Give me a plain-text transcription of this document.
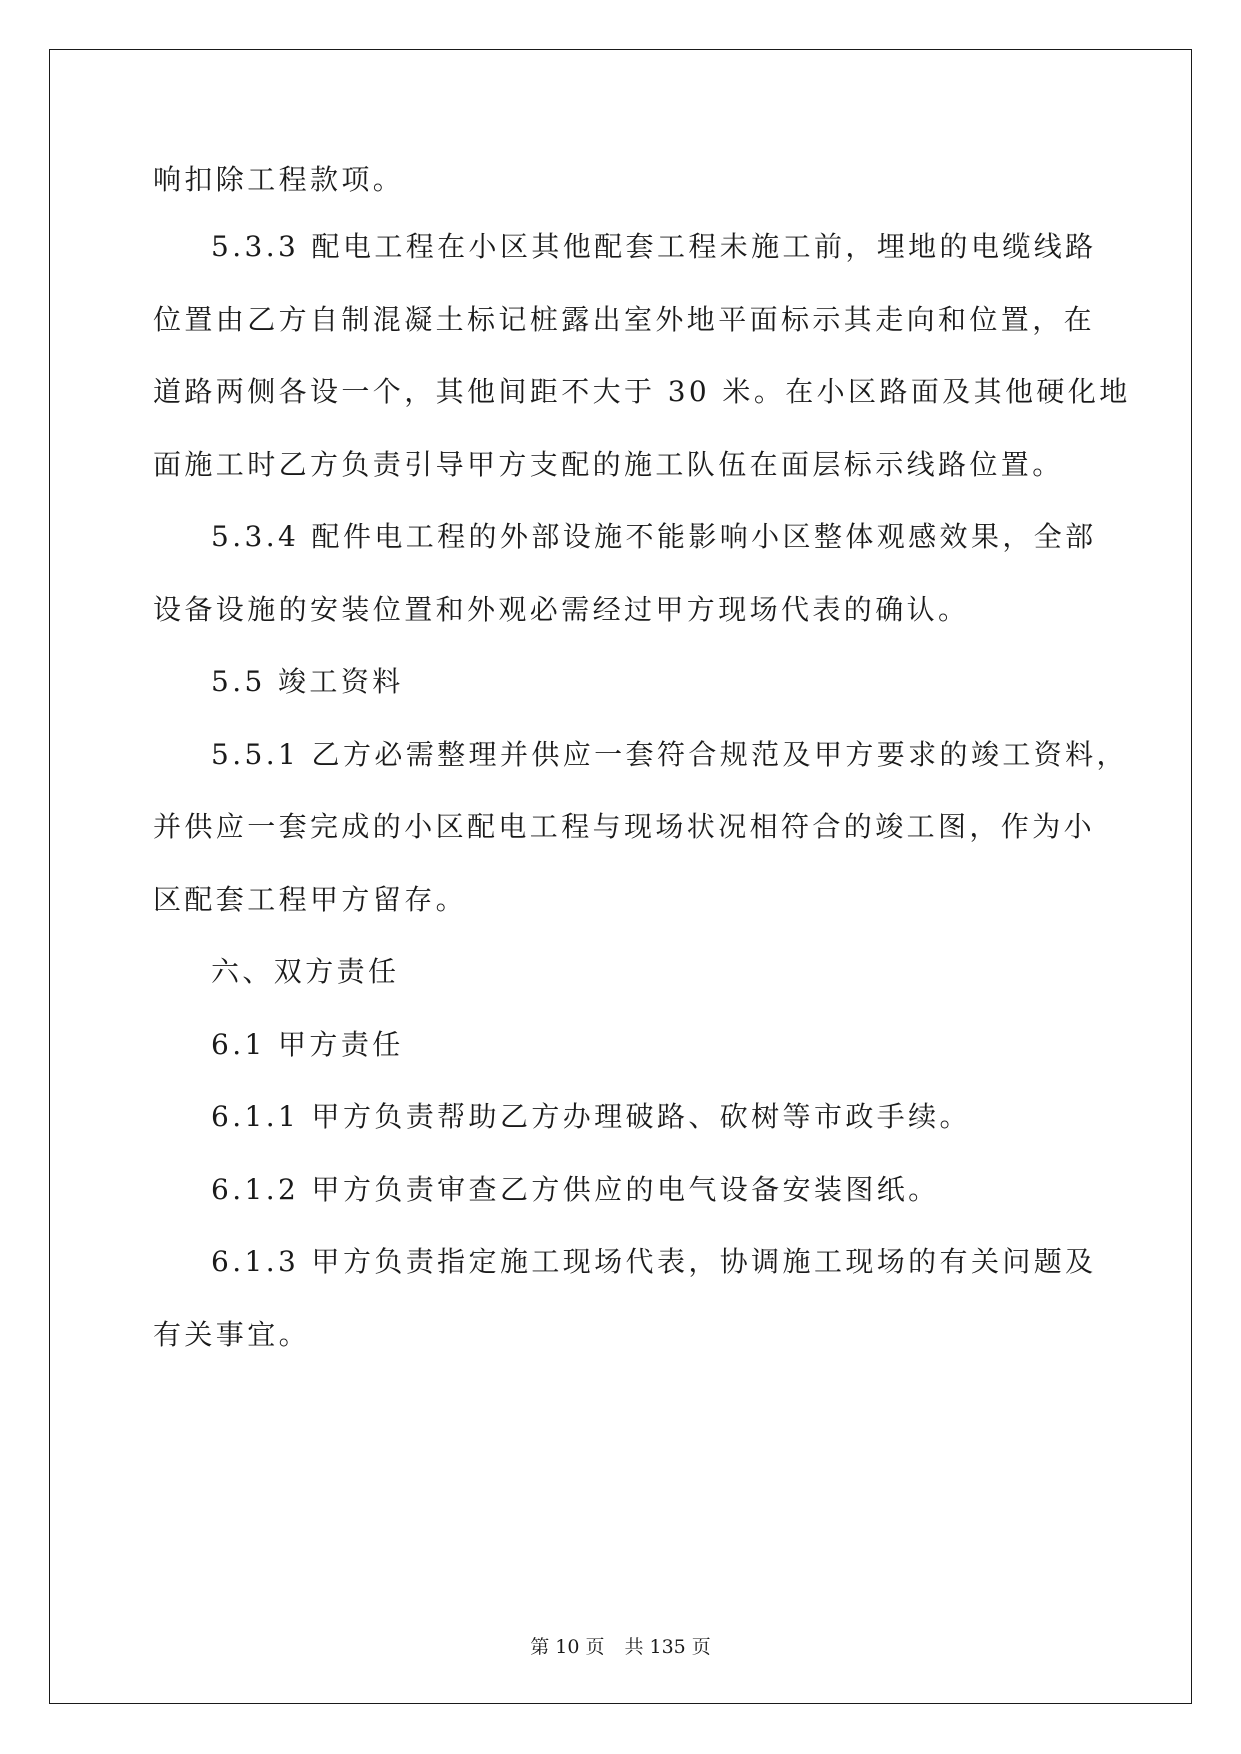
响扣除工程款项。
5.3.3 配电工程在小区其他配套工程未施工前，埋地的电缆线路
位置由乙方自制混凝土标记桩露出室外地平面标示其走向和位置，在
道路两侧各设一个，其他间距不大于 30 米。在小区路面及其他硬化地
面施工时乙方负责引导甲方支配的施工队伍在面层标示线路位置。
5.3.4 配件电工程的外部设施不能影响小区整体观感效果，全部
设备设施的安装位置和外观必需经过甲方现场代表的确认。
5.5 竣工资料
5.5.1 乙方必需整理并供应一套符合规范及甲方要求的竣工资料，
并供应一套完成的小区配电工程与现场状况相符合的竣工图，作为小
区配套工程甲方留存。
六、双方责任
6.1 甲方责任
6.1.1 甲方负责帮助乙方办理破路、砍树等市政手续。
6.1.2 甲方负责审查乙方供应的电气设备安装图纸。
6.1.3 甲方负责指定施工现场代表，协调施工现场的有关问题及
有关事宜。
第 10 页 共 135 页
